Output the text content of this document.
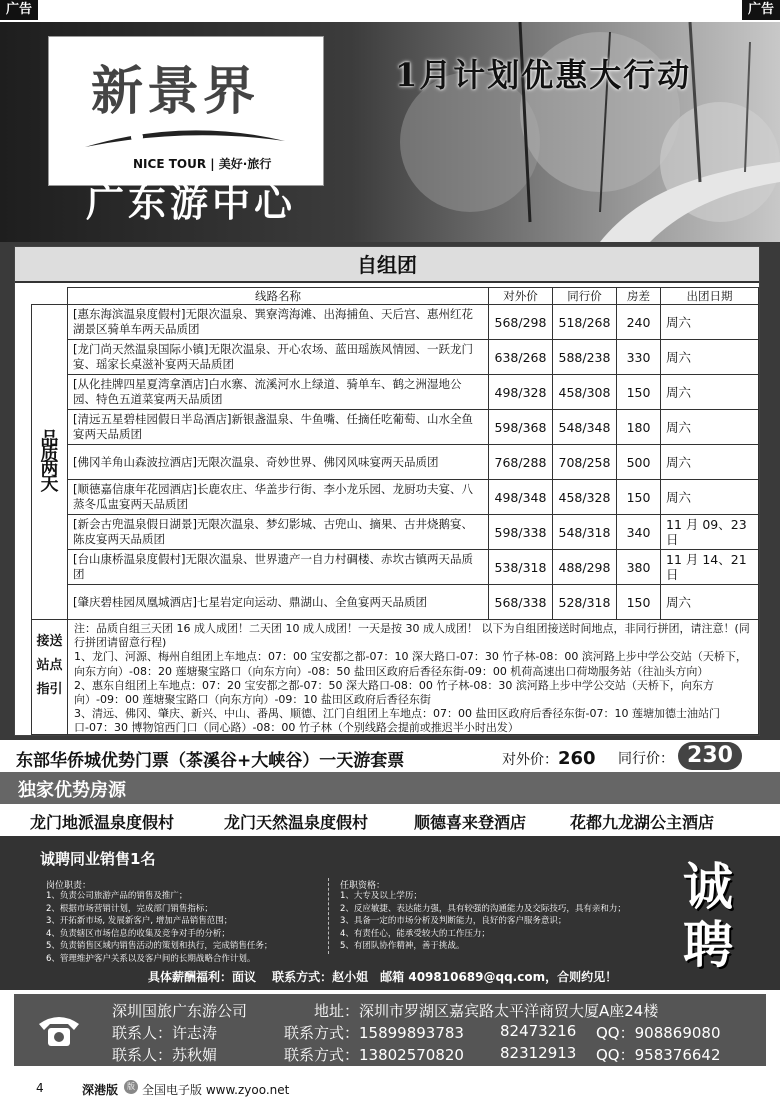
广告	广告
新景界
NICE TOUR | 美好·旅行
1月计划优惠大行动
广东游中心
自组团
	线路名称	对外价	同行价	房差	出团日期
品质两天	[惠东海滨温泉度假村]无限次温泉、巽寮湾海滩、出海捕鱼、天后宫、惠州红花湖景区骑单车两天品质团	568/298	518/268	240	周六
	[龙门尚天然温泉国际小镇]无限次温泉、开心农场、蓝田瑶族风情园、一跃龙门宴、瑶家长桌滋补宴两天品质团	638/268	588/238	330	周六
	[从化挂牌四星夏湾拿酒店]白水寨、流溪河水上绿道、骑单车、鹤之洲湿地公园、特色五道菜宴两天品质团	498/328	458/308	150	周六
	[清远五星碧桂园假日半岛酒店]新银盏温泉、牛鱼嘴、任摘任吃葡萄、山水全鱼宴两天品质团	598/368	548/348	180	周六
	[佛冈羊角山森波拉酒店]无限次温泉、奇妙世界、佛冈风味宴两天品质团	768/288	708/258	500	周六
	[顺德嘉信康年花园酒店]长鹿农庄、华盖步行街、李小龙乐园、龙厨功夫宴、八蒸冬瓜盅宴两天品质团	498/348	458/328	150	周六
	[新会古兜温泉假日湖景]无限次温泉、梦幻影城、古兜山、摘果、古井烧鹅宴、陈皮宴两天品质团	598/338	548/318	340	11 月 09、23 日
	[台山康桥温泉度假村]无限次温泉、世界遗产一自力村碉楼、赤坎古镇两天品质团	538/318	488/298	380	11 月 14、21 日
	[肇庆碧桂园凤凰城酒店]七星岩定向运动、鼎湖山、全鱼宴两天品质团	568/338	528/318	150	周六
接送站点指引
注：品质自组三天团 16 成人成团！二天团 10 成人成团！一天是按 30 成人成团！ 以下为自组团接送时间地点，非同行拼团，请注意！(同行拼团请留意行程)
1、龙门、河源、梅州自组团上车地点：07：00 宝安都之都-07：10 深大路口-07：30 竹子林-08：00 滨河路上步中学公交站（天桥下，向东方向）-08：20 莲塘聚宝路口（向东方向）-08：50 盐田区政府后香径东街-09：00 机荷高速出口荷坳服务站（往汕头方向）
2、惠东自组团上车地点：07：20 宝安都之都-07：50 深大路口-08：00 竹子林-08：30 滨河路上步中学公交站（天桥下，向东方向）-09：00 莲塘聚宝路口（向东方向）-09：10 盐田区政府后香径东街
3、清远、佛冈、肇庆、新兴、中山、番禺、顺德、江门自组团上车地点：07：00 盐田区政府后香径东街-07：10 莲塘加德士油站门口-07：30 博物馆西门口（同心路）-08：00 竹子林（个别线路会提前或推迟半小时出发）
东部华侨城优势门票（茶溪谷+大峡谷）一天游套票	对外价：260 同行价： 230
独家优势房源
龙门地派温泉度假村	龙门天然温泉度假村	顺德喜来登酒店	花都九龙湖公主酒店
诚聘同业销售1名
岗位职责：
1、负责公司旅游产品的销售及推广；
2、根据市场营销计划，完成部门销售指标；
3、开拓新市场, 发展新客户, 增加产品销售范围；
4、负责辖区市场信息的收集及竞争对手的分析；
5、负责销售区域内销售活动的策划和执行，完成销售任务；
6、管理维护客户关系以及客户间的长期战略合作计划。
任职资格：
1、大专及以上学历；
2、反应敏捷、表达能力强，具有较强的沟通能力及交际技巧，具有亲和力；
3、具备一定的市场分析及判断能力，良好的客户服务意识；
4、有责任心，能承受较大的工作压力；
5、有团队协作精神，善于挑战。
诚聘
具体薪酬福利：面议　 联系方式：赵小姐　邮箱 409810689@qq.com，合则约见！
深圳国旅广东游公司	地址：深圳市罗湖区嘉宾路太平洋商贸大厦A座24楼
联系人：许志涛	联系方式：15899893783 82473216 QQ：908869080
联系人：苏秋媚	联系方式：13802570820 82312913 QQ：958376642
4	深港版	版 全国电子版 www.zyoo.net
